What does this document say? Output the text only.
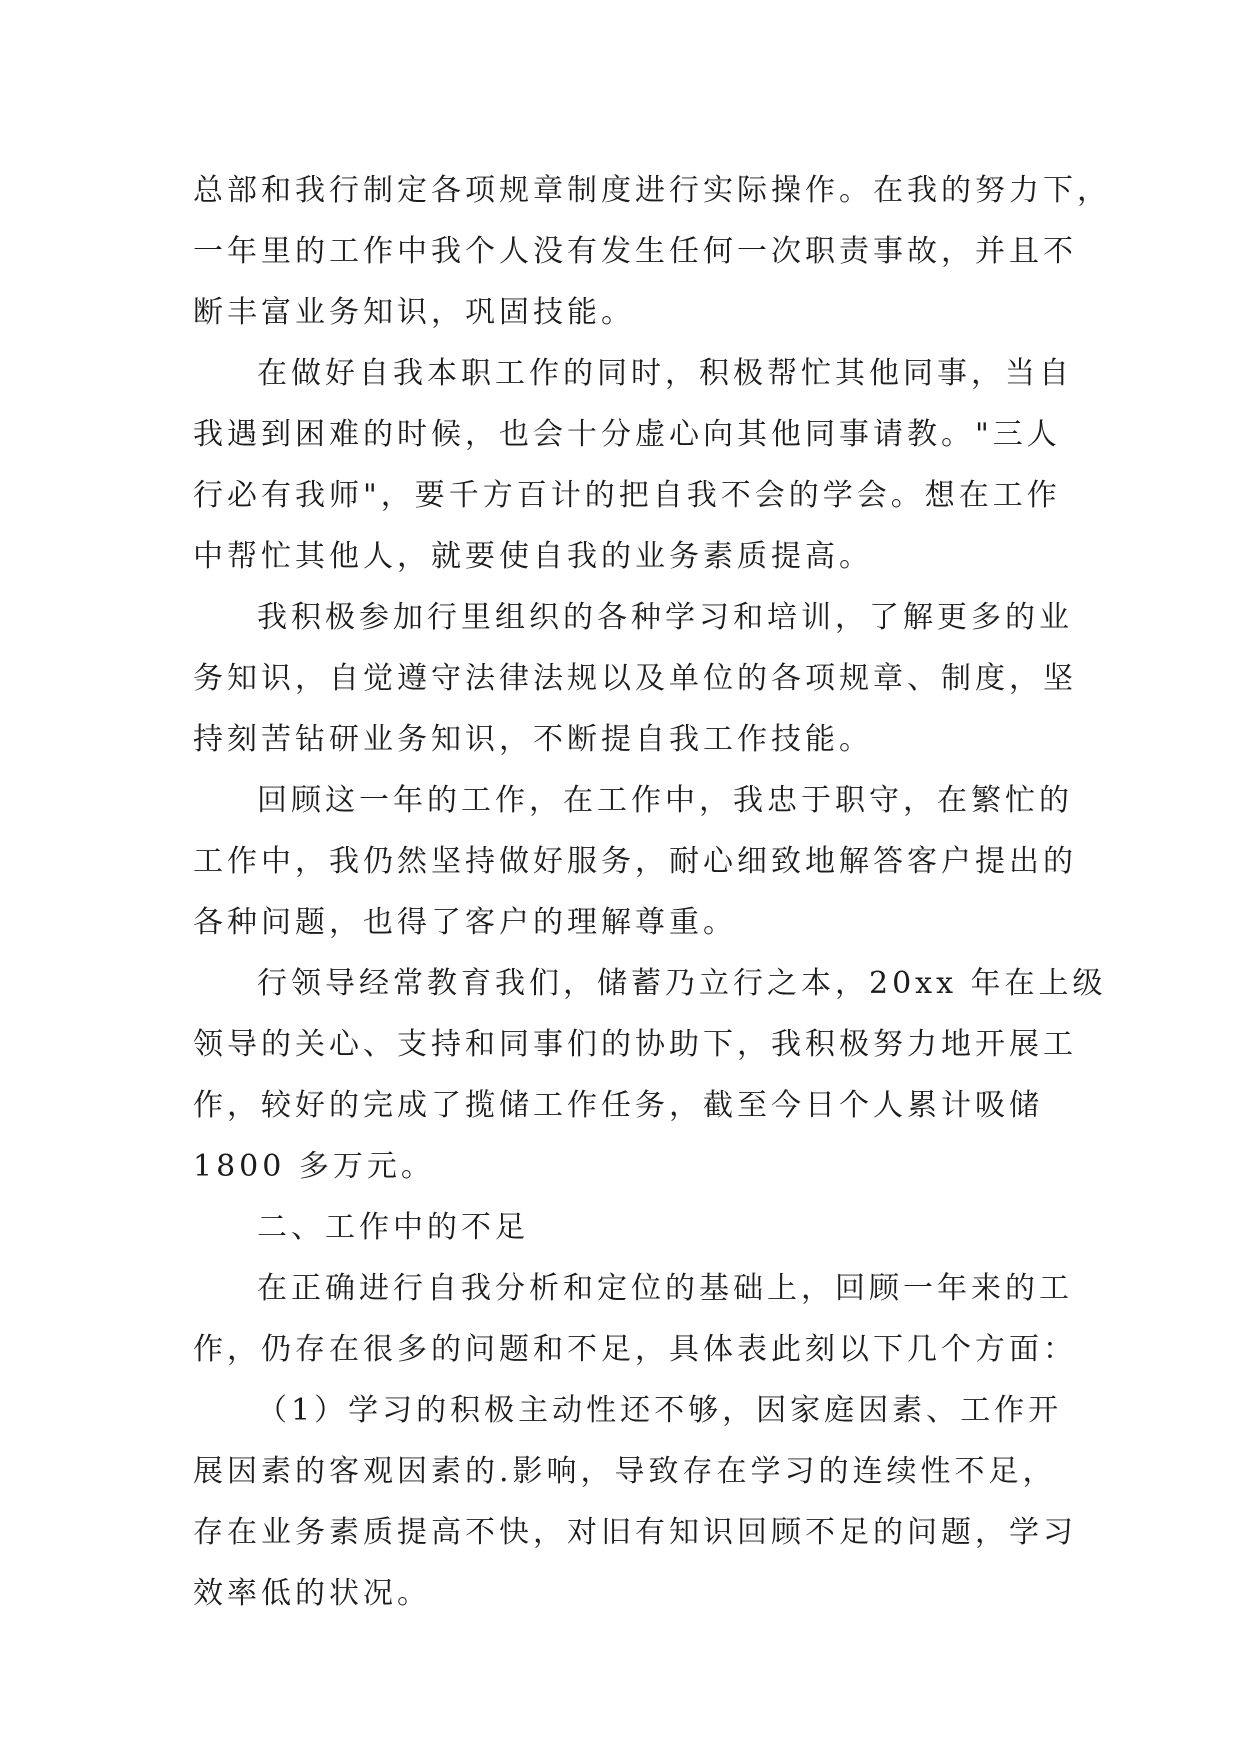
总部和我行制定各项规章制度进行实际操作。在我的努力下，
一年里的工作中我个人没有发生任何一次职责事故，并且不
断丰富业务知识，巩固技能。
在做好自我本职工作的同时，积极帮忙其他同事，当自
我遇到困难的时候，也会十分虚心向其他同事请教。"三人
行必有我师"，要千方百计的把自我不会的学会。想在工作
中帮忙其他人，就要使自我的业务素质提高。
我积极参加行里组织的各种学习和培训，了解更多的业
务知识，自觉遵守法律法规以及单位的各项规章、制度，坚
持刻苦钻研业务知识，不断提自我工作技能。
回顾这一年的工作，在工作中，我忠于职守，在繁忙的
工作中，我仍然坚持做好服务，耐心细致地解答客户提出的
各种问题，也得了客户的理解尊重。
行领导经常教育我们，储蓄乃立行之本，20xx 年在上级
领导的关心、支持和同事们的协助下，我积极努力地开展工
作，较好的完成了揽储工作任务，截至今日个人累计吸储
1800 多万元。
二、工作中的不足
在正确进行自我分析和定位的基础上，回顾一年来的工
作，仍存在很多的问题和不足，具体表此刻以下几个方面：
（1）学习的积极主动性还不够，因家庭因素、工作开
展因素的客观因素的.影响，导致存在学习的连续性不足，
存在业务素质提高不快，对旧有知识回顾不足的问题，学习
效率低的状况。
